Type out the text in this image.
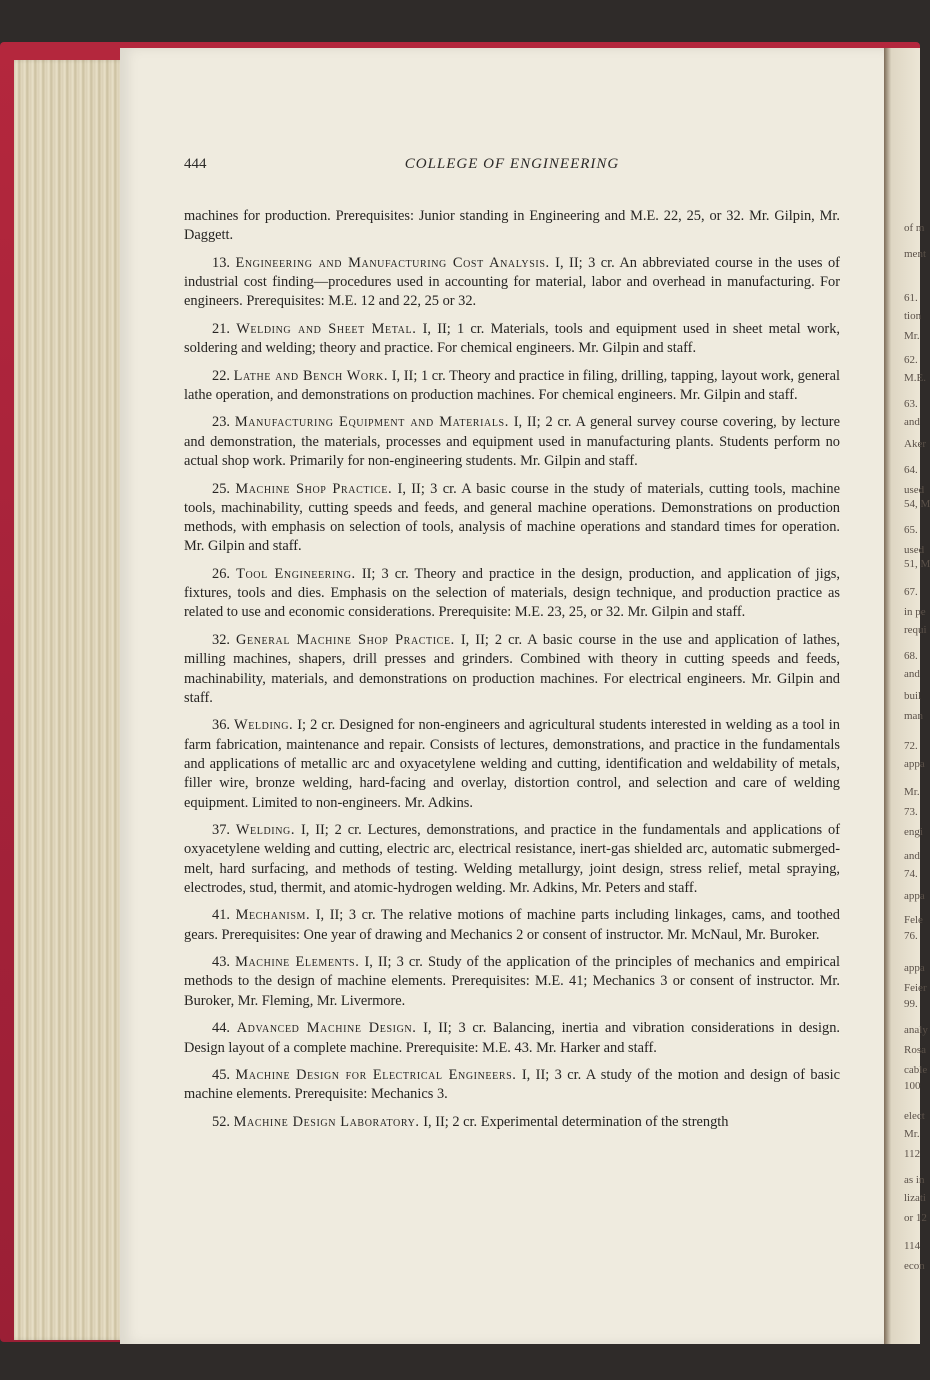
of m
ment
61.
tion
Mr.
62.
M.E.
63.
and
Aker
64.
used
54, M
65.
used
51, M
67.
in pe
requi
68.
and
buil
man
72.
appa
Mr.
73.
engi
and
74.
appa
Fele
76.
appa
Feier
99.
analy
Rosa
cable
100
elect
Mr.
112
as in
lizati
or 12
114
econ
444	COLLEGE OF ENGINEERING

machines for production. Prerequisites: Junior standing in Engineering and M.E. 22, 25, or 32. Mr. Gilpin, Mr. Daggett.

13. Engineering and Manufacturing Cost Analysis. I, II; 3 cr. An abbreviated course in the uses of industrial cost finding—procedures used in accounting for material, labor and overhead in manufacturing. For engineers. Prerequisites: M.E. 12 and 22, 25 or 32.

21. Welding and Sheet Metal. I, II; 1 cr. Materials, tools and equipment used in sheet metal work, soldering and welding; theory and practice. For chemical engineers. Mr. Gilpin and staff.

22. Lathe and Bench Work. I, II; 1 cr. Theory and practice in filing, drilling, tapping, layout work, general lathe operation, and demonstrations on production machines. For chemical engineers. Mr. Gilpin and staff.

23. Manufacturing Equipment and Materials. I, II; 2 cr. A general survey course covering, by lecture and demonstration, the materials, processes and equipment used in manufacturing plants. Students perform no actual shop work. Primarily for non-engineering students. Mr. Gilpin and staff.

25. Machine Shop Practice. I, II; 3 cr. A basic course in the study of materials, cutting tools, machine tools, machinability, cutting speeds and feeds, and general machine operations. Demonstrations on production methods, with emphasis on selection of tools, analysis of machine operations and standard times for operation. Mr. Gilpin and staff.

26. Tool Engineering. II; 3 cr. Theory and practice in the design, production, and application of jigs, fixtures, tools and dies. Emphasis on the selection of materials, design technique, and production practice as related to use and economic considerations. Prerequisite: M.E. 23, 25, or 32. Mr. Gilpin and staff.

32. General Machine Shop Practice. I, II; 2 cr. A basic course in the use and application of lathes, milling machines, shapers, drill presses and grinders. Combined with theory in cutting speeds and feeds, machinability, materials, and demonstrations on production machines. For electrical engineers. Mr. Gilpin and staff.

36. Welding. I; 2 cr. Designed for non-engineers and agricultural students interested in welding as a tool in farm fabrication, maintenance and repair. Consists of lectures, demonstrations, and practice in the fundamentals and applications of metallic arc and oxyacetylene welding and cutting, identification and weldability of metals, filler wire, bronze welding, hard-facing and overlay, distortion control, and selection and care of welding equipment. Limited to non-engineers. Mr. Adkins.

37. Welding. I, II; 2 cr. Lectures, demonstrations, and practice in the fundamentals and applications of oxyacetylene welding and cutting, electric arc, electrical resistance, inert-gas shielded arc, automatic submerged-melt, hard surfacing, and methods of testing. Welding metallurgy, joint design, stress relief, metal spraying, electrodes, stud, thermit, and atomic-hydrogen welding. Mr. Adkins, Mr. Peters and staff.

41. Mechanism. I, II; 3 cr. The relative motions of machine parts including linkages, cams, and toothed gears. Prerequisites: One year of drawing and Mechanics 2 or consent of instructor. Mr. McNaul, Mr. Buroker.

43. Machine Elements. I, II; 3 cr. Study of the application of the principles of mechanics and empirical methods to the design of machine elements. Prerequisites: M.E. 41; Mechanics 3 or consent of instructor. Mr. Buroker, Mr. Fleming, Mr. Livermore.

44. Advanced Machine Design. I, II; 3 cr. Balancing, inertia and vibration considerations in design. Design layout of a complete machine. Prerequisite: M.E. 43. Mr. Harker and staff.

45. Machine Design for Electrical Engineers. I, II; 3 cr. A study of the motion and design of basic machine elements. Prerequisite: Mechanics 3.

52. Machine Design Laboratory. I, II; 2 cr. Experimental determination of the strength
